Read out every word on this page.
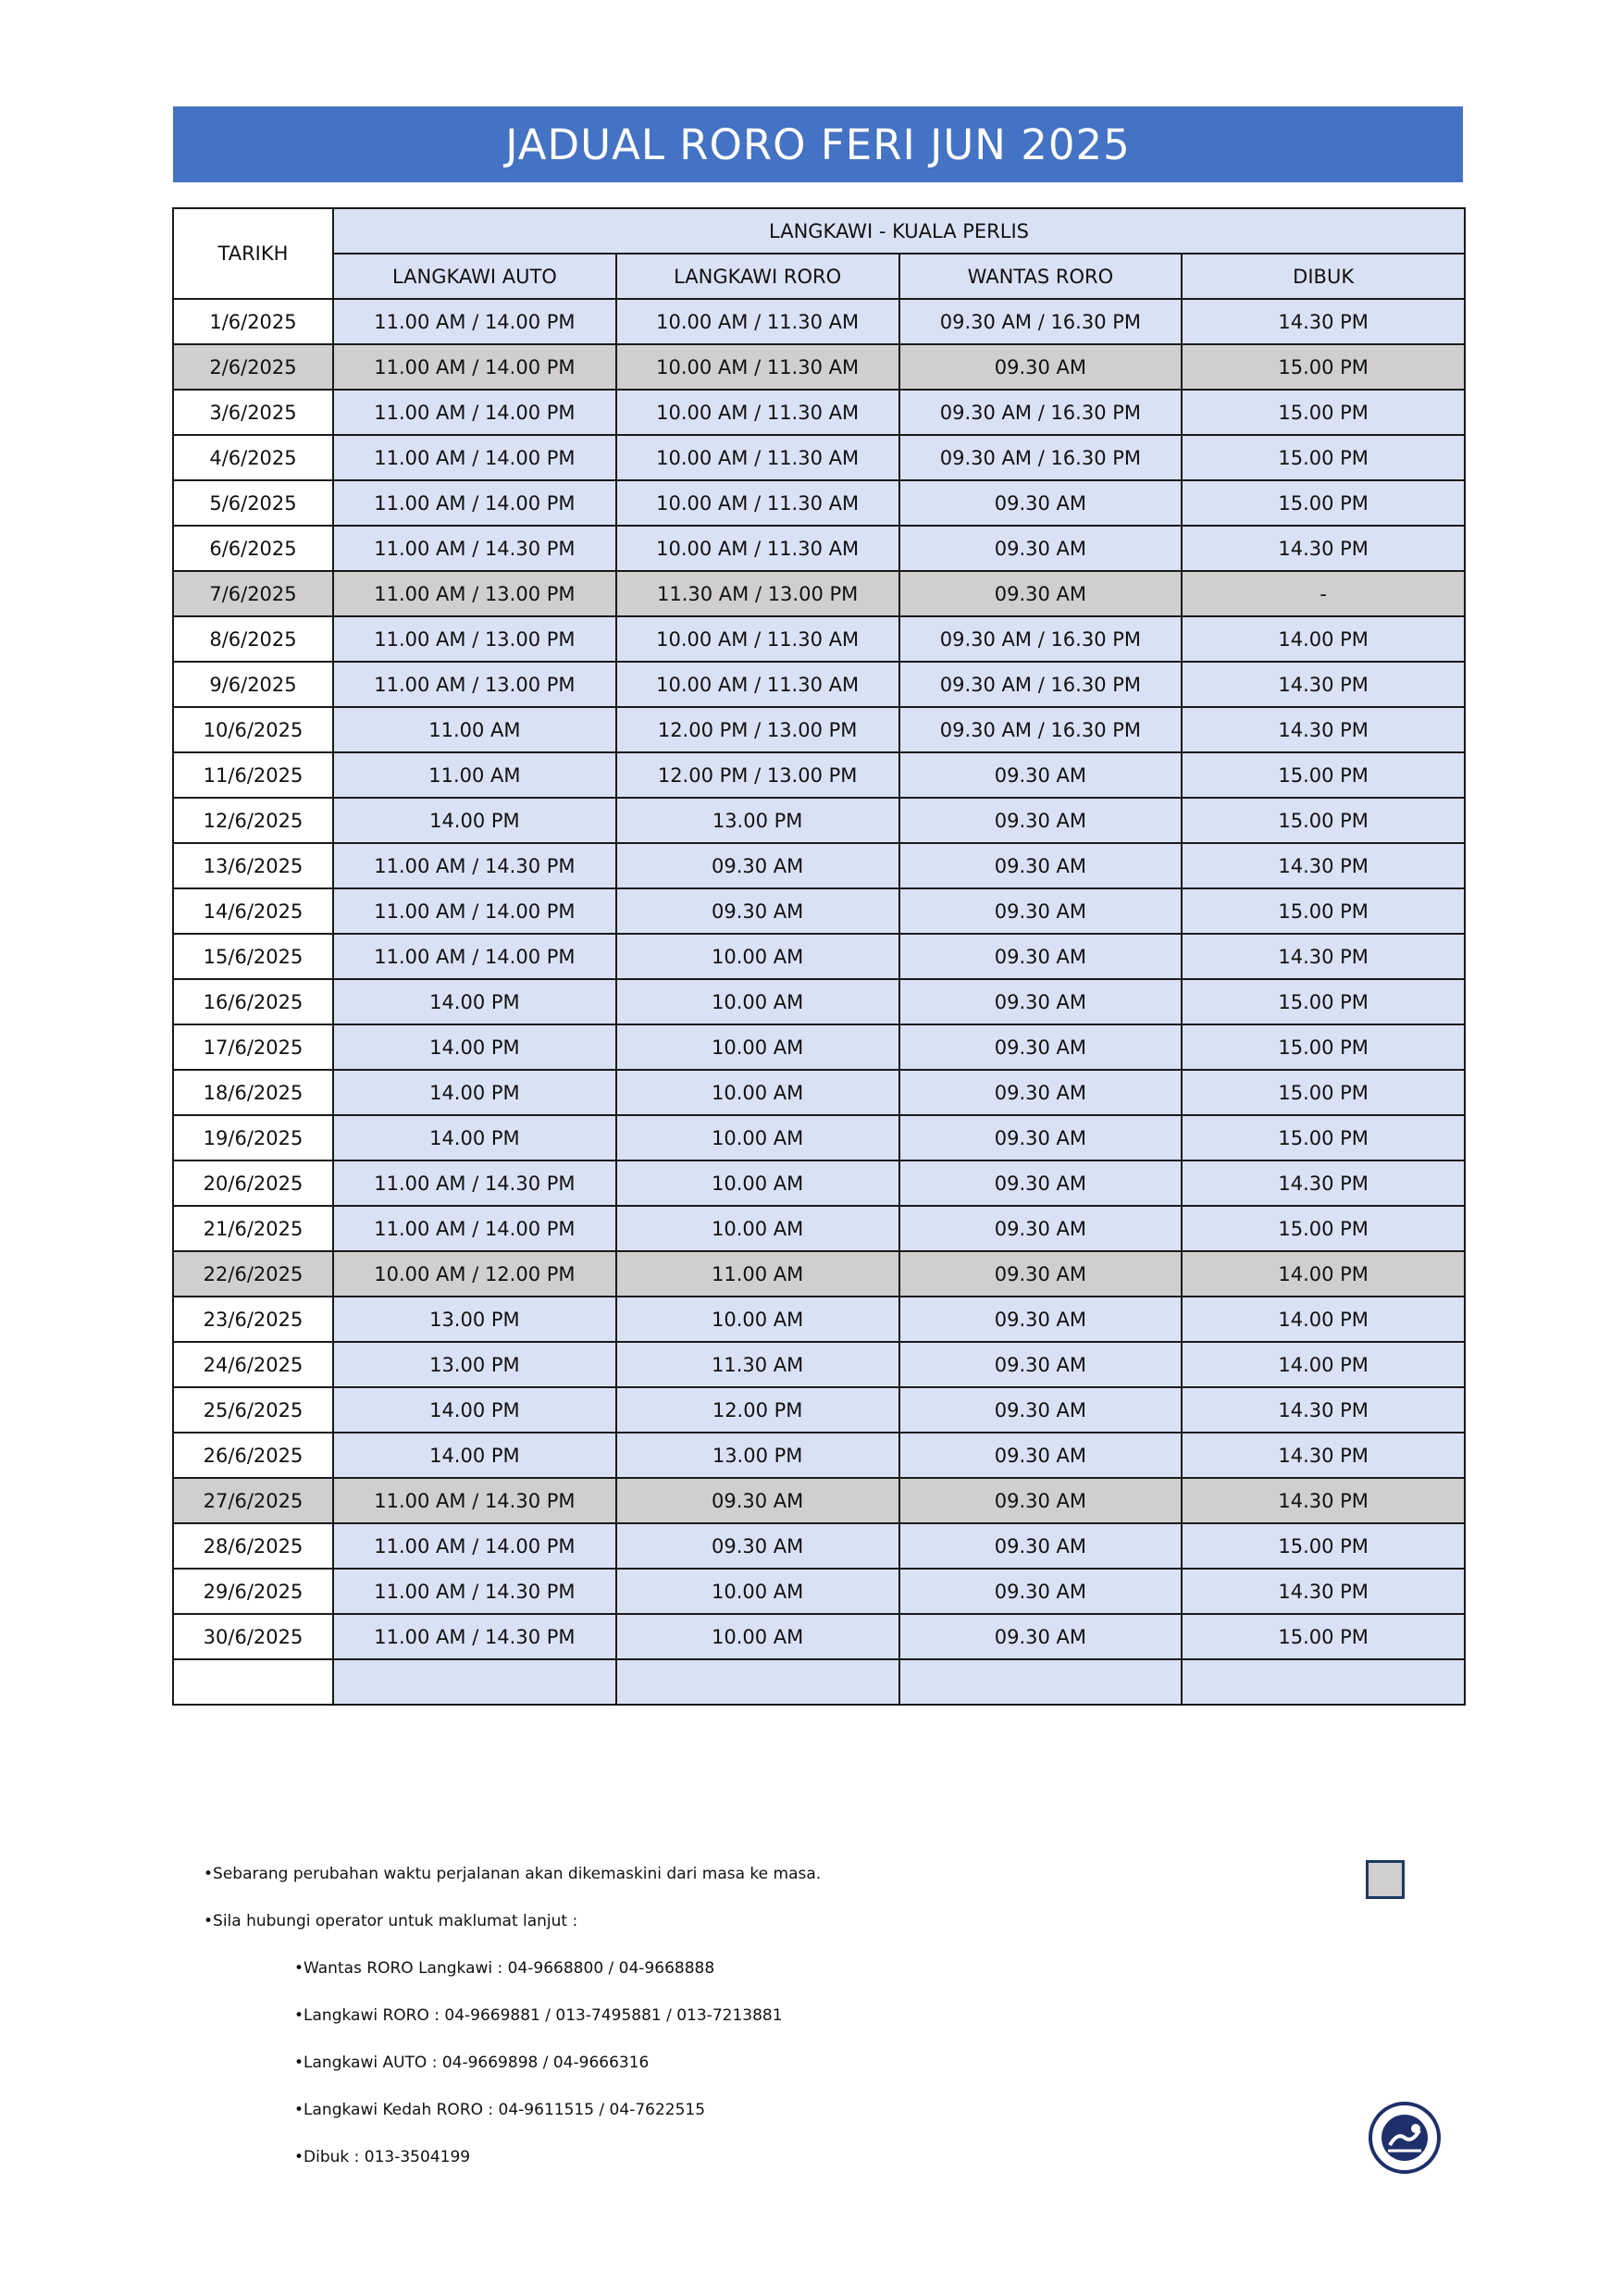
JADUAL RORO FERI JUN 2025
TARIKH	LANGKAWI - KUALA PERLIS			
	LANGKAWI AUTO	LANGKAWI RORO	WANTAS RORO	DIBUK
1/6/2025	11.00 AM / 14.00 PM	10.00 AM / 11.30 AM	09.30 AM / 16.30 PM	14.30 PM
2/6/2025	11.00 AM / 14.00 PM	10.00 AM / 11.30 AM	09.30 AM	15.00 PM
3/6/2025	11.00 AM / 14.00 PM	10.00 AM / 11.30 AM	09.30 AM / 16.30 PM	15.00 PM
4/6/2025	11.00 AM / 14.00 PM	10.00 AM / 11.30 AM	09.30 AM / 16.30 PM	15.00 PM
5/6/2025	11.00 AM / 14.00 PM	10.00 AM / 11.30 AM	09.30 AM	15.00 PM
6/6/2025	11.00 AM / 14.30 PM	10.00 AM / 11.30 AM	09.30 AM	14.30 PM
7/6/2025	11.00 AM / 13.00 PM	11.30 AM / 13.00 PM	09.30 AM	-
8/6/2025	11.00 AM / 13.00 PM	10.00 AM / 11.30 AM	09.30 AM / 16.30 PM	14.00 PM
9/6/2025	11.00 AM / 13.00 PM	10.00 AM / 11.30 AM	09.30 AM / 16.30 PM	14.30 PM
10/6/2025	11.00 AM	12.00 PM / 13.00 PM	09.30 AM / 16.30 PM	14.30 PM
11/6/2025	11.00 AM	12.00 PM / 13.00 PM	09.30 AM	15.00 PM
12/6/2025	14.00 PM	13.00 PM	09.30 AM	15.00 PM
13/6/2025	11.00 AM / 14.30 PM	09.30 AM	09.30 AM	14.30 PM
14/6/2025	11.00 AM / 14.00 PM	09.30 AM	09.30 AM	15.00 PM
15/6/2025	11.00 AM / 14.00 PM	10.00 AM	09.30 AM	14.30 PM
16/6/2025	14.00 PM	10.00 AM	09.30 AM	15.00 PM
17/6/2025	14.00 PM	10.00 AM	09.30 AM	15.00 PM
18/6/2025	14.00 PM	10.00 AM	09.30 AM	15.00 PM
19/6/2025	14.00 PM	10.00 AM	09.30 AM	15.00 PM
20/6/2025	11.00 AM / 14.30 PM	10.00 AM	09.30 AM	14.30 PM
21/6/2025	11.00 AM / 14.00 PM	10.00 AM	09.30 AM	15.00 PM
22/6/2025	10.00 AM / 12.00 PM	11.00 AM	09.30 AM	14.00 PM
23/6/2025	13.00 PM	10.00 AM	09.30 AM	14.00 PM
24/6/2025	13.00 PM	11.30 AM	09.30 AM	14.00 PM
25/6/2025	14.00 PM	12.00 PM	09.30 AM	14.30 PM
26/6/2025	14.00 PM	13.00 PM	09.30 AM	14.30 PM
27/6/2025	11.00 AM / 14.30 PM	09.30 AM	09.30 AM	14.30 PM
28/6/2025	11.00 AM / 14.00 PM	09.30 AM	09.30 AM	15.00 PM
29/6/2025	11.00 AM / 14.30 PM	10.00 AM	09.30 AM	14.30 PM
30/6/2025	11.00 AM / 14.30 PM	10.00 AM	09.30 AM	15.00 PM

•Sebarang perubahan waktu perjalanan akan dikemaskini dari masa ke masa.
•Sila hubungi operator untuk maklumat lanjut :
•Wantas RORO Langkawi : 04-9668800 / 04-9668888
•Langkawi RORO : 04-9669881 / 013-7495881 / 013-7213881
•Langkawi AUTO : 04-9669898 / 04-9666316
•Langkawi Kedah RORO : 04-9611515 / 04-7622515
•Dibuk : 013-3504199
